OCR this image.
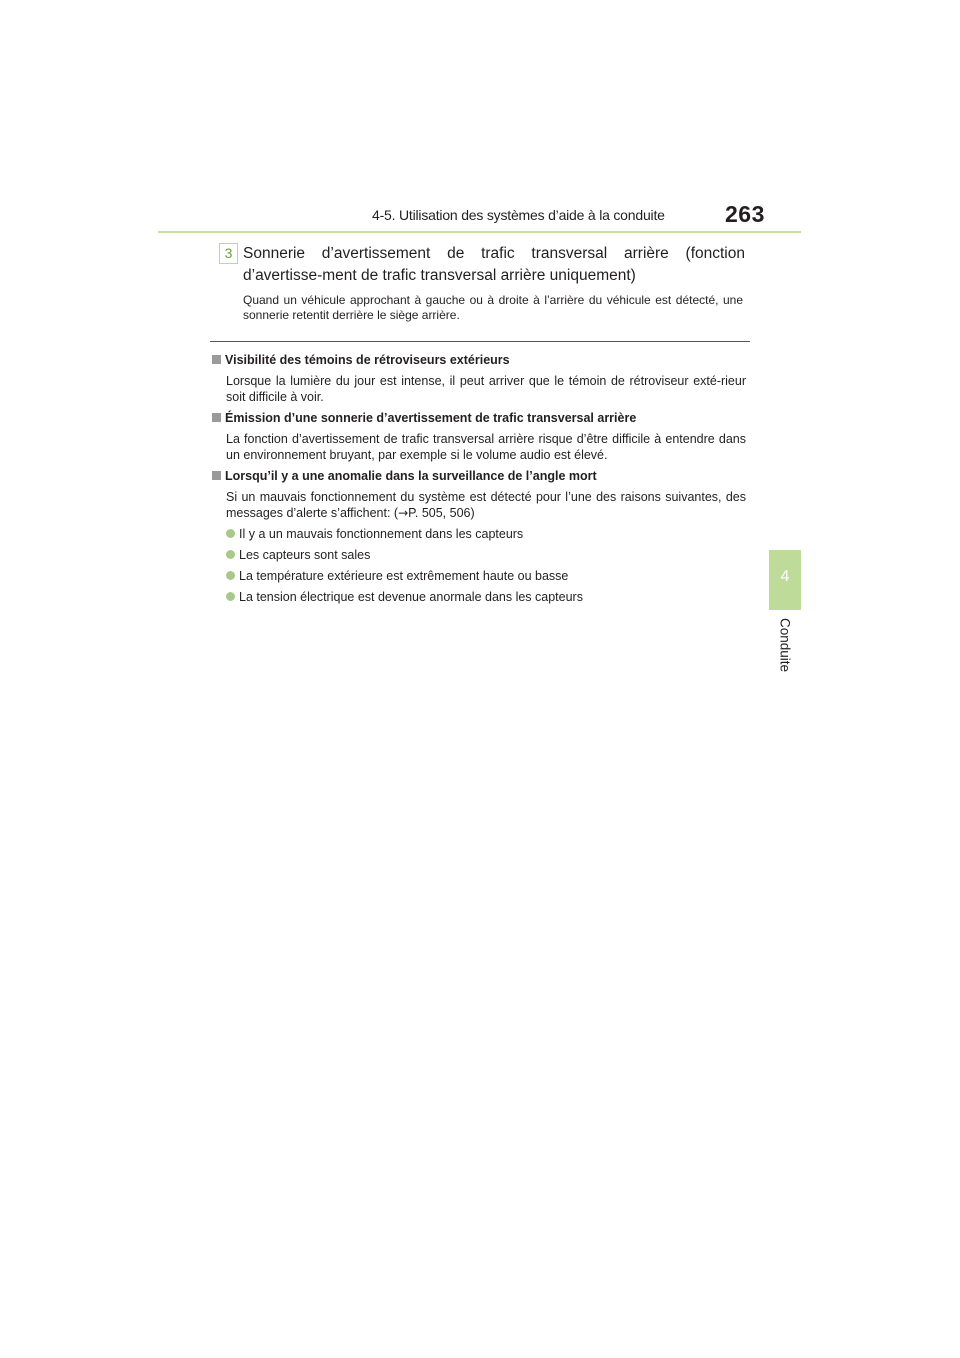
4-5. Utilisation des systèmes d’aide à la conduite	263
4
Conduite
3 Sonnerie d’avertissement de trafic transversal arrière (fonction d’avertisse-ment de trafic transversal arrière uniquement)
Quand un véhicule approchant à gauche ou à droite à l’arrière du véhicule est détecté, une sonnerie retentit derrière le siège arrière.
Visibilité des témoins de rétroviseurs extérieurs
Lorsque la lumière du jour est intense, il peut arriver que le témoin de rétroviseur exté-rieur soit difficile à voir.
Émission d’une sonnerie d’avertissement de trafic transversal arrière
La fonction d’avertissement de trafic transversal arrière risque d’être difficile à entendre dans un environnement bruyant, par exemple si le volume audio est élevé.
Lorsqu’il y a une anomalie dans la surveillance de l’angle mort
Si un mauvais fonctionnement du système est détecté pour l’une des raisons suivantes, des messages d’alerte s’affichent: (→P. 505, 506)
Il y a un mauvais fonctionnement dans les capteurs
Les capteurs sont sales
La température extérieure est extrêmement haute ou basse
La tension électrique est devenue anormale dans les capteurs
